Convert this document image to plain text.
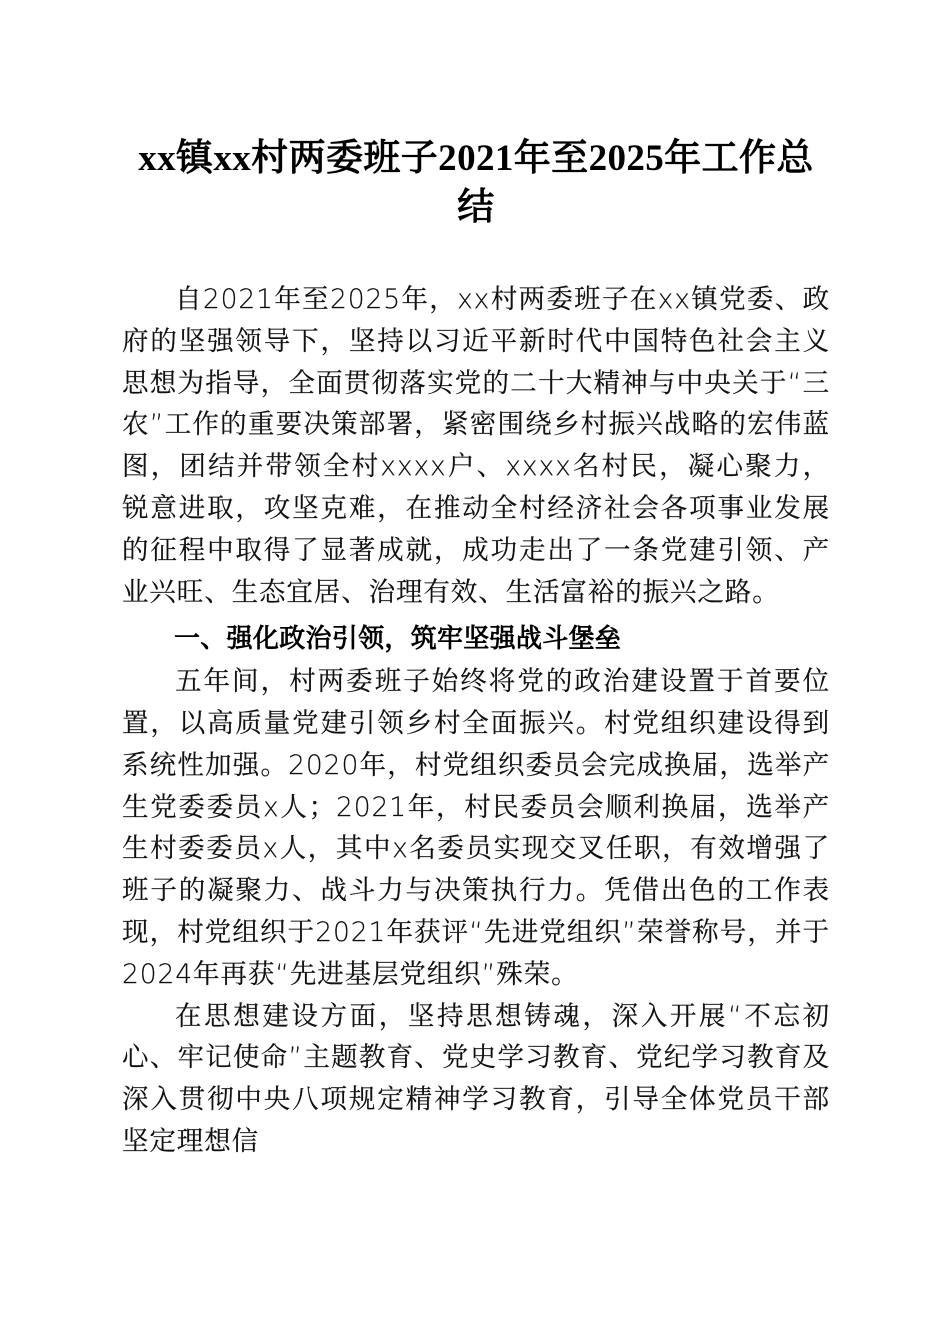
xx镇xx村两委班子2021年至2025年工作总结

自2021年至2025年，xx村两委班子在xx镇党委、政府的坚强领导下，坚持以习近平新时代中国特色社会主义思想为指导，全面贯彻落实党的二十大精神与中央关于“三农”工作的重要决策部署，紧密围绕乡村振兴战略的宏伟蓝图，团结并带领全村xxxx户、xxxx名村民，凝心聚力，锐意进取，攻坚克难，在推动全村经济社会各项事业发展的征程中取得了显著成就，成功走出了一条党建引领、产业兴旺、生态宜居、治理有效、生活富裕的振兴之路。

一、强化政治引领，筑牢坚强战斗堡垒

五年间，村两委班子始终将党的政治建设置于首要位置，以高质量党建引领乡村全面振兴。村党组织建设得到系统性加强。2020年，村党组织委员会完成换届，选举产生党委委员x人；2021年，村民委员会顺利换届，选举产生村委委员x人，其中x名委员实现交叉任职，有效增强了班子的凝聚力、战斗力与决策执行力。凭借出色的工作表现，村党组织于2021年获评“先进党组织”荣誉称号，并于2024年再获“先进基层党组织”殊荣。

在思想建设方面，坚持思想铸魂，深入开展“不忘初心、牢记使命”主题教育、党史学习教育、党纪学习教育及深入贯彻中央八项规定精神学习教育，引导全体党员干部坚定理想信
